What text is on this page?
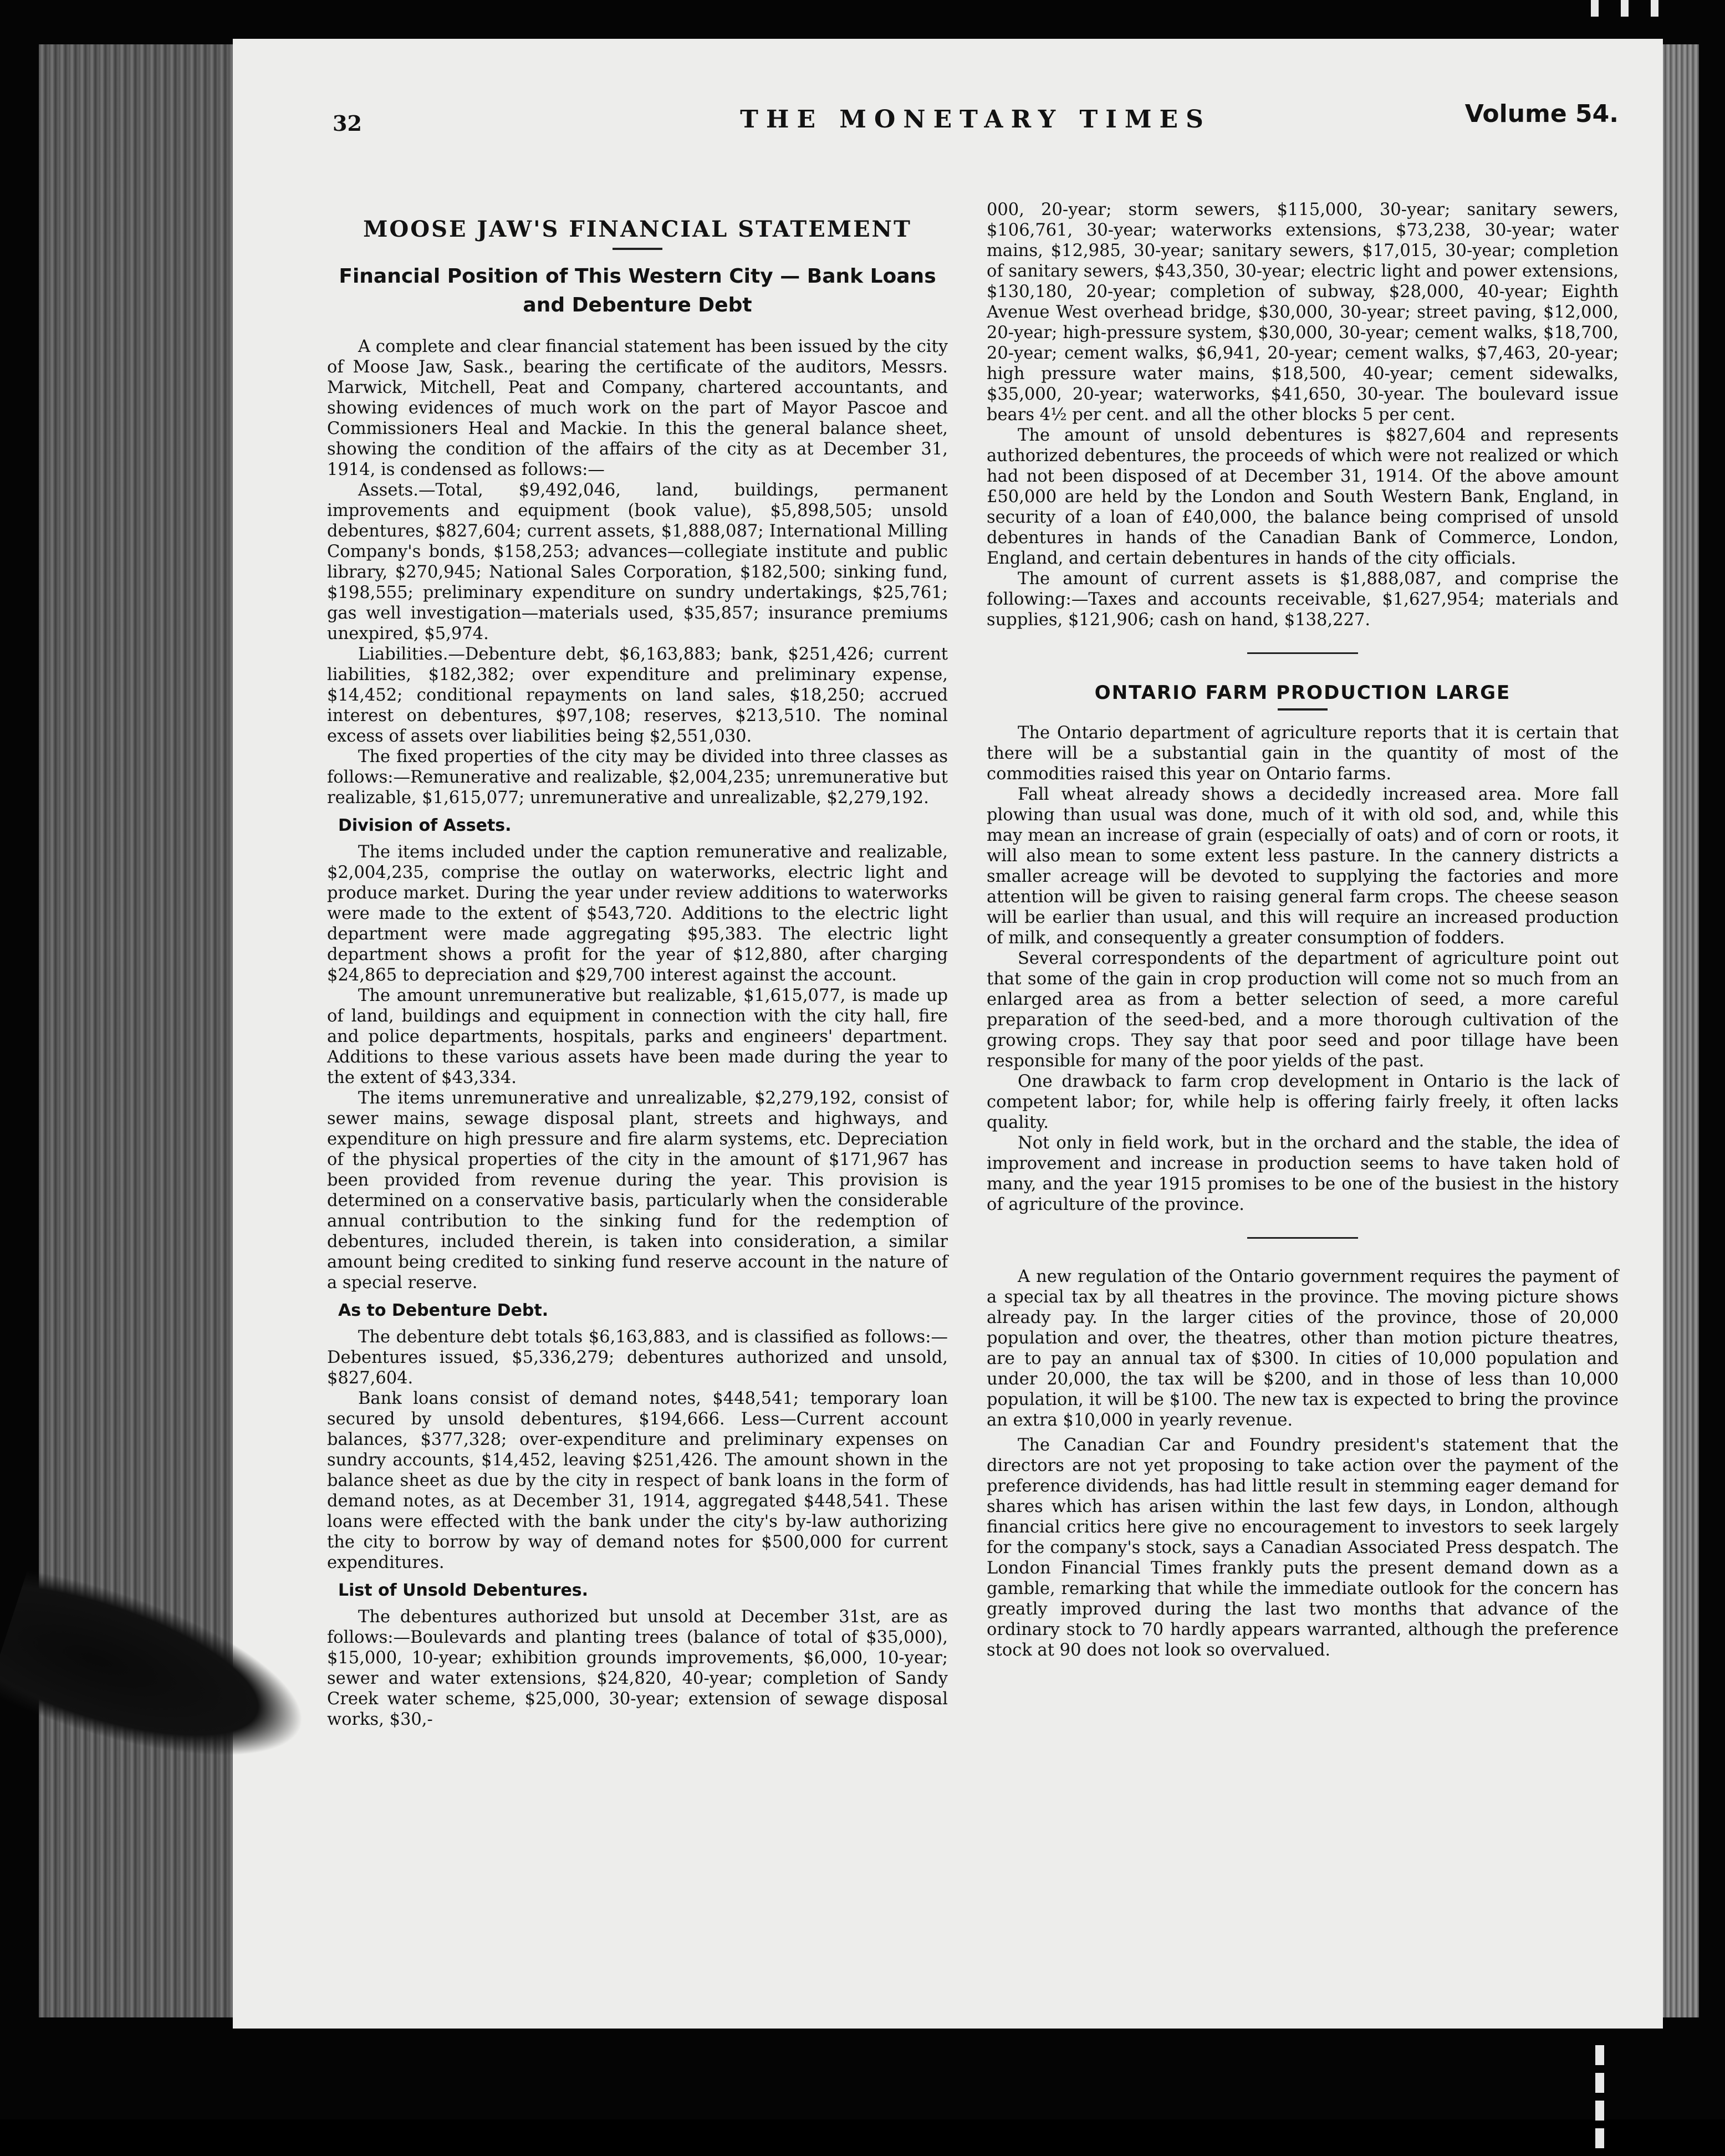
32	THE MONETARY TIMES	Volume 54.
MOOSE JAW'S FINANCIAL STATEMENT
Financial Position of This Western City — Bank Loans
and Debenture Debt

A complete and clear financial statement has been issued by the city of Moose Jaw, Sask., bearing the certificate of the auditors, Messrs. Marwick, Mitchell, Peat and Company, chartered accountants, and showing evidences of much work on the part of Mayor Pascoe and Commissioners Heal and Mackie. In this the general balance sheet, showing the condition of the affairs of the city as at December 31, 1914, is condensed as follows:—

Assets.—Total, $9,492,046, land, buildings, permanent improvements and equipment (book value), $5,898,505; unsold debentures, $827,604; current assets, $1,888,087; International Milling Company's bonds, $158,253; advances—collegiate institute and public library, $270,945; National Sales Corporation, $182,500; sinking fund, $198,555; preliminary expenditure on sundry undertakings, $25,761; gas well investigation—materials used, $35,857; insurance premiums unexpired, $5,974.

Liabilities.—Debenture debt, $6,163,883; bank, $251,426; current liabilities, $182,382; over expenditure and preliminary expense, $14,452; conditional repayments on land sales, $18,250; accrued interest on debentures, $97,108; reserves, $213,510. The nominal excess of assets over liabilities being $2,551,030.

The fixed properties of the city may be divided into three classes as follows:—Remunerative and realizable, $2,004,235; unremunerative but realizable, $1,615,077; unremunerative and unrealizable, $2,279,192.

Division of Assets.

The items included under the caption remunerative and realizable, $2,004,235, comprise the outlay on waterworks, electric light and produce market. During the year under review additions to waterworks were made to the extent of $543,720. Additions to the electric light department were made aggregating $95,383. The electric light department shows a profit for the year of $12,880, after charging $24,865 to depreciation and $29,700 interest against the account.

The amount unremunerative but realizable, $1,615,077, is made up of land, buildings and equipment in connection with the city hall, fire and police departments, hospitals, parks and engineers' department. Additions to these various assets have been made during the year to the extent of $43,334.

The items unremunerative and unrealizable, $2,279,192, consist of sewer mains, sewage disposal plant, streets and highways, and expenditure on high pressure and fire alarm systems, etc. Depreciation of the physical properties of the city in the amount of $171,967 has been provided from revenue during the year. This provision is determined on a conservative basis, particularly when the considerable annual contribution to the sinking fund for the redemption of debentures, included therein, is taken into consideration, a similar amount being credited to sinking fund reserve account in the nature of a special reserve.

As to Debenture Debt.

The debenture debt totals $6,163,883, and is classified as follows:—Debentures issued, $5,336,279; debentures authorized and unsold, $827,604.

Bank loans consist of demand notes, $448,541; temporary loan secured by unsold debentures, $194,666. Less—Current account balances, $377,328; over-expenditure and preliminary expenses on sundry accounts, $14,452, leaving $251,426. The amount shown in the balance sheet as due by the city in respect of bank loans in the form of demand notes, as at December 31, 1914, aggregated $448,541. These loans were effected with the bank under the city's by-law authorizing the city to borrow by way of demand notes for $500,000 for current expenditures.

List of Unsold Debentures.

The debentures authorized but unsold at December 31st, are as follows:—Boulevards and planting trees (balance of total of $35,000), $15,000, 10-year; exhibition grounds improvements, $6,000, 10-year; sewer and water extensions, $24,820, 40-year; completion of Sandy Creek water scheme, $25,000, 30-year; extension of sewage disposal works, $30,-

000, 20-year; storm sewers, $115,000, 30-year; sanitary sewers, $106,761, 30-year; waterworks extensions, $73,238, 30-year; water mains, $12,985, 30-year; sanitary sewers, $17,015, 30-year; completion of sanitary sewers, $43,350, 30-year; electric light and power extensions, $130,180, 20-year; completion of subway, $28,000, 40-year; Eighth Avenue West overhead bridge, $30,000, 30-year; street paving, $12,000, 20-year; high-pressure system, $30,000, 30-year; cement walks, $18,700, 20-year; cement walks, $6,941, 20-year; cement walks, $7,463, 20-year; high pressure water mains, $18,500, 40-year; cement sidewalks, $35,000, 20-year; waterworks, $41,650, 30-year. The boulevard issue bears 4½ per cent. and all the other blocks 5 per cent.

The amount of unsold debentures is $827,604 and represents authorized debentures, the proceeds of which were not realized or which had not been disposed of at December 31, 1914. Of the above amount £50,000 are held by the London and South Western Bank, England, in security of a loan of £40,000, the balance being comprised of unsold debentures in hands of the Canadian Bank of Commerce, London, England, and certain debentures in hands of the city officials.

The amount of current assets is $1,888,087, and comprise the following:—Taxes and accounts receivable, $1,627,954; materials and supplies, $121,906; cash on hand, $138,227.

ONTARIO FARM PRODUCTION LARGE

The Ontario department of agriculture reports that it is certain that there will be a substantial gain in the quantity of most of the commodities raised this year on Ontario farms.

Fall wheat already shows a decidedly increased area. More fall plowing than usual was done, much of it with old sod, and, while this may mean an increase of grain (especially of oats) and of corn or roots, it will also mean to some extent less pasture. In the cannery districts a smaller acreage will be devoted to supplying the factories and more attention will be given to raising general farm crops. The cheese season will be earlier than usual, and this will require an increased production of milk, and consequently a greater consumption of fodders.

Several correspondents of the department of agriculture point out that some of the gain in crop production will come not so much from an enlarged area as from a better selection of seed, a more careful preparation of the seed-bed, and a more thorough cultivation of the growing crops. They say that poor seed and poor tillage have been responsible for many of the poor yields of the past.

One drawback to farm crop development in Ontario is the lack of competent labor; for, while help is offering fairly freely, it often lacks quality.

Not only in field work, but in the orchard and the stable, the idea of improvement and increase in production seems to have taken hold of many, and the year 1915 promises to be one of the busiest in the history of agriculture of the province.

A new regulation of the Ontario government requires the payment of a special tax by all theatres in the province. The moving picture shows already pay. In the larger cities of the province, those of 20,000 population and over, the theatres, other than motion picture theatres, are to pay an annual tax of $300. In cities of 10,000 population and under 20,000, the tax will be $200, and in those of less than 10,000 population, it will be $100. The new tax is expected to bring the province an extra $10,000 in yearly revenue.

The Canadian Car and Foundry president's statement that the directors are not yet proposing to take action over the payment of the preference dividends, has had little result in stemming eager demand for shares which has arisen within the last few days, in London, although financial critics here give no encouragement to investors to seek largely for the company's stock, says a Canadian Associated Press despatch. The London Financial Times frankly puts the present demand down as a gamble, remarking that while the immediate outlook for the concern has greatly improved during the last two months that advance of the ordinary stock to 70 hardly appears warranted, although the preference stock at 90 does not look so overvalued.
